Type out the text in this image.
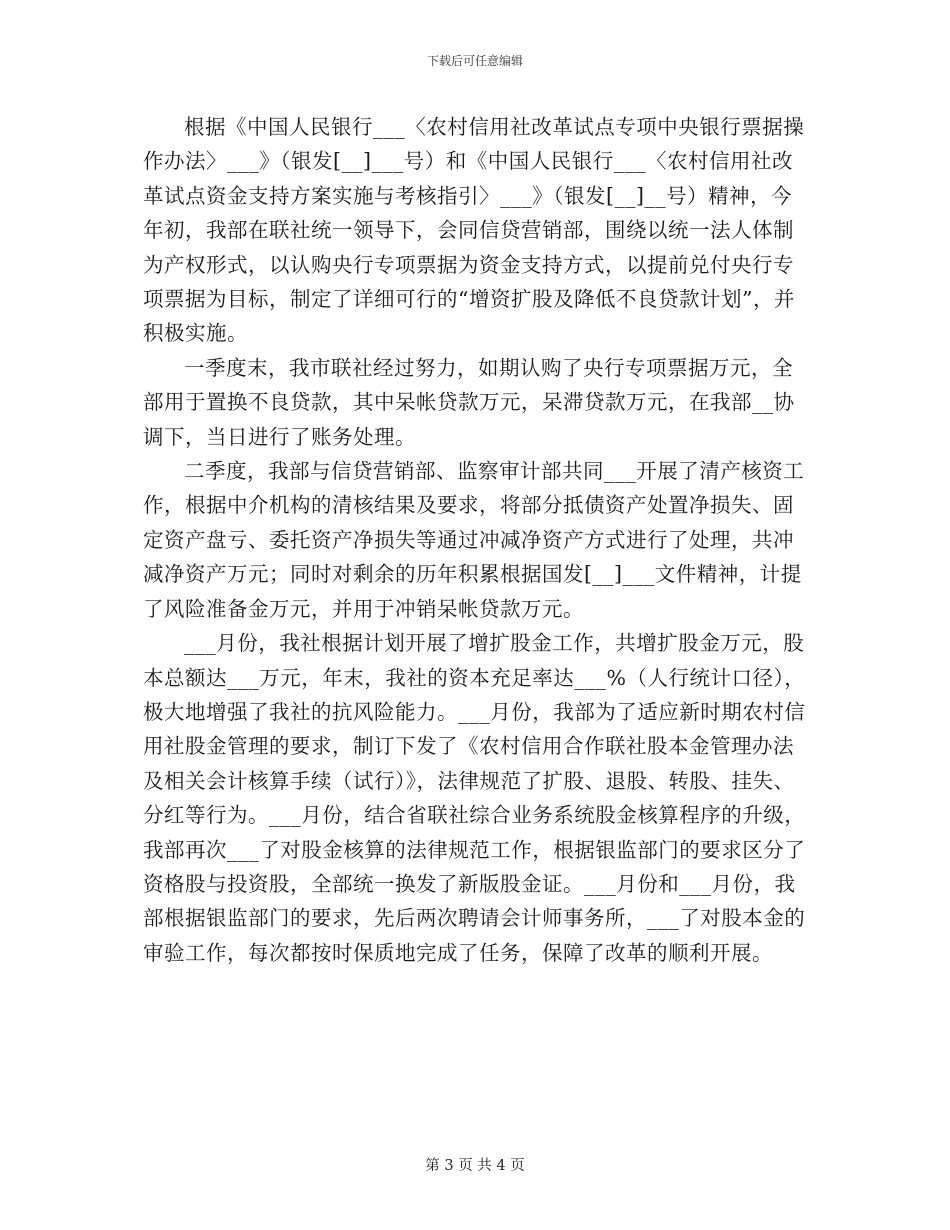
下载后可任意编辑

根据《中国人民银行___〈农村信用社改革试点专项中央银行票据操作办法〉___》（银发[__]___号）和《中国人民银行___〈农村信用社改革试点资金支持方案实施与考核指引〉___》（银发[__]__号）精神，今年初，我部在联社统一领导下，会同信贷营销部，围绕以统一法人体制为产权形式，以认购央行专项票据为资金支持方式，以提前兑付央行专项票据为目标，制定了详细可行的“增资扩股及降低不良贷款计划”，并积极实施。

一季度末，我市联社经过努力，如期认购了央行专项票据万元，全部用于置换不良贷款，其中呆帐贷款万元，呆滞贷款万元，在我部__协调下，当日进行了账务处理。

二季度，我部与信贷营销部、监察审计部共同___开展了清产核资工作，根据中介机构的清核结果及要求，将部分抵债资产处置净损失、固定资产盘亏、委托资产净损失等通过冲减净资产方式进行了处理，共冲减净资产万元；同时对剩余的历年积累根据国发[__]___文件精神，计提了风险准备金万元，并用于冲销呆帐贷款万元。

___月份，我社根据计划开展了增扩股金工作，共增扩股金万元，股本总额达___万元，年末，我社的资本充足率达___%（人行统计口径），极大地增强了我社的抗风险能力。___月份，我部为了适应新时期农村信用社股金管理的要求，制订下发了《农村信用合作联社股本金管理办法及相关会计核算手续（试行）》，法律规范了扩股、退股、转股、挂失、分红等行为。___月份，结合省联社综合业务系统股金核算程序的升级，我部再次___了对股金核算的法律规范工作，根据银监部门的要求区分了资格股与投资股，全部统一换发了新版股金证。___月份和___月份，我部根据银监部门的要求，先后两次聘请会计师事务所，___了对股本金的审验工作，每次都按时保质地完成了任务，保障了改革的顺利开展。

第 3 页 共 4 页
